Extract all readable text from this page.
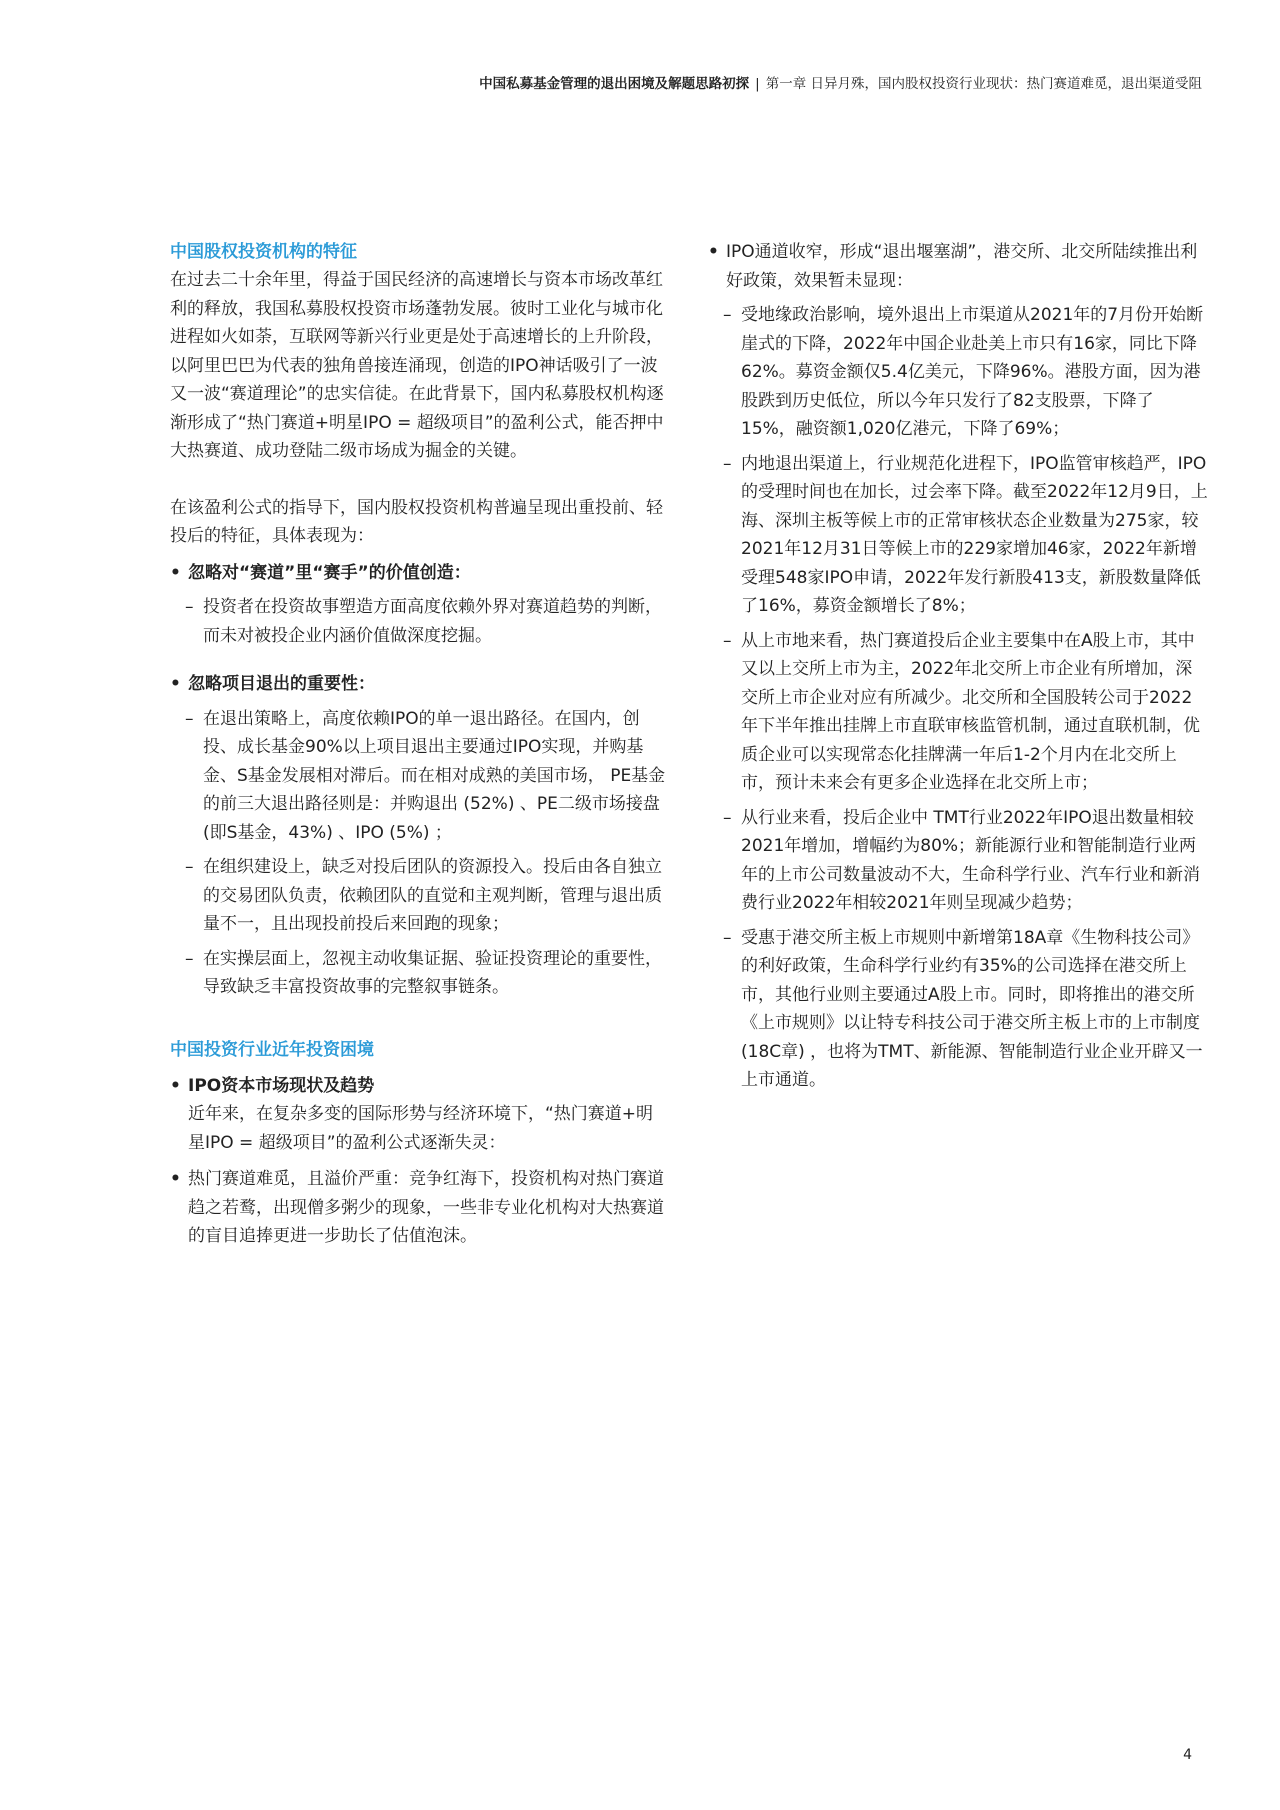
中国私募基金管理的退出困境及解题思路初探 | 第一章 日异月殊，国内股权投资行业现状：热门赛道难觅，退出渠道受阻
中国股权投资机构的特征

在过去二十余年里，得益于国民经济的高速增长与资本市场改革红利的释放，我国私募股权投资市场蓬勃发展。彼时工业化与城市化进程如火如荼，互联网等新兴行业更是处于高速增长的上升阶段，以阿里巴巴为代表的独角兽接连涌现，创造的IPO神话吸引了一波又一波“赛道理论”的忠实信徒。在此背景下，国内私募股权机构逐渐形成了“热门赛道+明星IPO = 超级项目”的盈利公式，能否押中大热赛道、成功登陆二级市场成为掘金的关键。

在该盈利公式的指导下，国内股权投资机构普遍呈现出重投前、轻投后的特征，具体表现为：

• 忽略对“赛道”里“赛手”的价值创造：
– 投资者在投资故事塑造方面高度依赖外界对赛道趋势的判断，而未对被投企业内涵价值做深度挖掘。
• 忽略项目退出的重要性：
– 在退出策略上，高度依赖IPO的单一退出路径。在国内，创投、成长基金90%以上项目退出主要通过IPO实现，并购基金、S基金发展相对滞后。而在相对成熟的美国市场， PE基金的前三大退出路径则是：并购退出 (52%) 、PE二级市场接盘 (即S基金，43%) 、IPO (5%) ；
– 在组织建设上，缺乏对投后团队的资源投入。投后由各自独立的交易团队负责，依赖团队的直觉和主观判断，管理与退出质量不一，且出现投前投后来回跑的现象；
– 在实操层面上，忽视主动收集证据、验证投资理论的重要性，导致缺乏丰富投资故事的完整叙事链条。
中国投资行业近年投资困境
• IPO资本市场现状及趋势
近年来，在复杂多变的国际形势与经济环境下，“热门赛道+明星IPO = 超级项目”的盈利公式逐渐失灵：
• 热门赛道难觅，且溢价严重：竞争红海下，投资机构对热门赛道趋之若鹜，出现僧多粥少的现象，一些非专业化机构对大热赛道的盲目追捧更进一步助长了估值泡沫。
• IPO通道收窄，形成“退出堰塞湖”，港交所、北交所陆续推出利好政策，效果暂未显现：
– 受地缘政治影响，境外退出上市渠道从2021年的7月份开始断崖式的下降，2022年中国企业赴美上市只有16家，同比下降62%。募资金额仅5.4亿美元，下降96%。港股方面，因为港股跌到历史低位，所以今年只发行了82支股票，下降了15%，融资额1,020亿港元，下降了69%；
– 内地退出渠道上，行业规范化进程下，IPO监管审核趋严，IPO的受理时间也在加长，过会率下降。截至2022年12月9日，上海、深圳主板等候上市的正常审核状态企业数量为275家，较2021年12月31日等候上市的229家增加46家，2022年新增受理548家IPO申请，2022年发行新股413支，新股数量降低了16%，募资金额增长了8%；
– 从上市地来看，热门赛道投后企业主要集中在A股上市，其中又以上交所上市为主，2022年北交所上市企业有所增加，深交所上市企业对应有所减少。北交所和全国股转公司于2022年下半年推出挂牌上市直联审核监管机制，通过直联机制，优质企业可以实现常态化挂牌满一年后1-2个月内在北交所上市，预计未来会有更多企业选择在北交所上市；
– 从行业来看，投后企业中 TMT行业2022年IPO退出数量相较2021年增加，增幅约为80%；新能源行业和智能制造行业两年的上市公司数量波动不大，生命科学行业、汽车行业和新消费行业2022年相较2021年则呈现减少趋势；
– 受惠于港交所主板上市规则中新增第18A章《生物科技公司》的利好政策，生命科学行业约有35%的公司选择在港交所上市，其他行业则主要通过A股上市。同时，即将推出的港交所《上市规则》以让特专科技公司于港交所主板上市的上市制度 (18C章) ，也将为TMT、新能源、智能制造行业企业开辟又一上市通道。
4
